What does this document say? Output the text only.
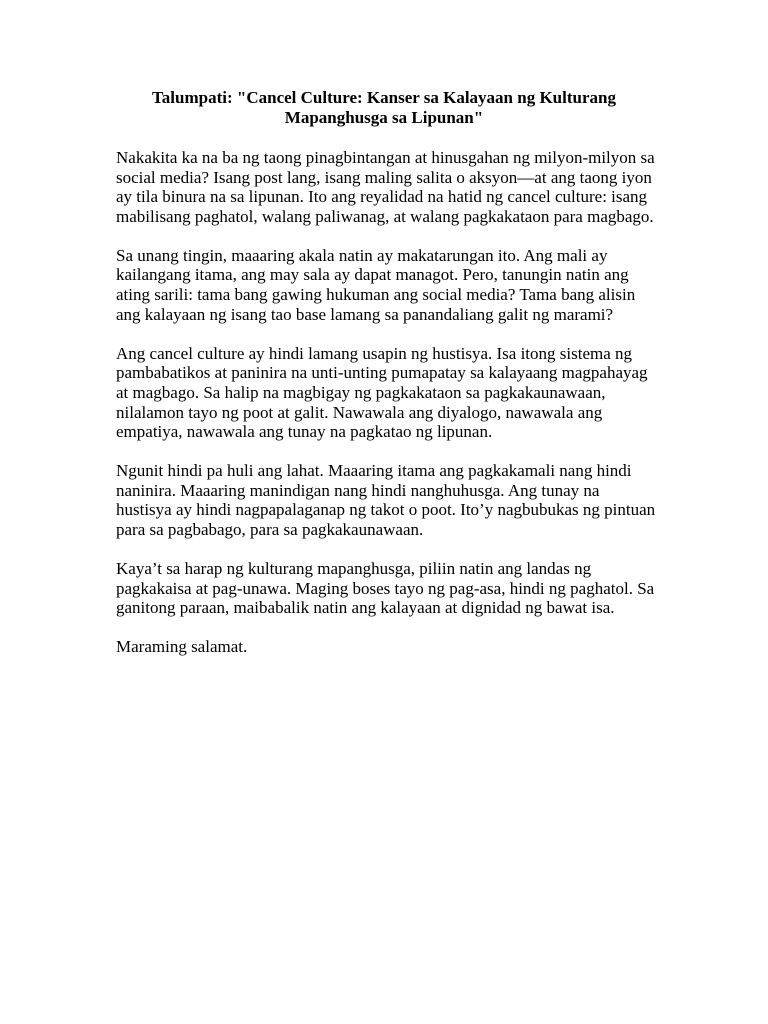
Talumpati: "Cancel Culture: Kanser sa Kalayaan ng Kulturang Mapanghusga sa Lipunan"

Nakakita ka na ba ng taong pinagbintangan at hinusgahan ng milyon-milyon sa social media? Isang post lang, isang maling salita o aksyon—at ang taong iyon ay tila binura na sa lipunan. Ito ang reyalidad na hatid ng cancel culture: isang mabilisang paghatol, walang paliwanag, at walang pagkakataon para magbago.

Sa unang tingin, maaaring akala natin ay makatarungan ito. Ang mali ay kailangang itama, ang may sala ay dapat managot. Pero, tanungin natin ang ating sarili: tama bang gawing hukuman ang social media? Tama bang alisin ang kalayaan ng isang tao base lamang sa panandaliang galit ng marami?

Ang cancel culture ay hindi lamang usapin ng hustisya. Isa itong sistema ng pambabatikos at paninira na unti-unting pumapatay sa kalayaang magpahayag at magbago. Sa halip na magbigay ng pagkakataon sa pagkakaunawaan, nilalamon tayo ng poot at galit. Nawawala ang diyalogo, nawawala ang empatiya, nawawala ang tunay na pagkatao ng lipunan.

Ngunit hindi pa huli ang lahat. Maaaring itama ang pagkakamali nang hindi naninira. Maaaring manindigan nang hindi nanghuhusga. Ang tunay na hustisya ay hindi nagpapalaganap ng takot o poot. Ito’y nagbubukas ng pintuan para sa pagbabago, para sa pagkakaunawaan.

Kaya’t sa harap ng kulturang mapanghusga, piliin natin ang landas ng pagkakaisa at pag-unawa. Maging boses tayo ng pag-asa, hindi ng paghatol. Sa ganitong paraan, maibabalik natin ang kalayaan at dignidad ng bawat isa.

Maraming salamat.
